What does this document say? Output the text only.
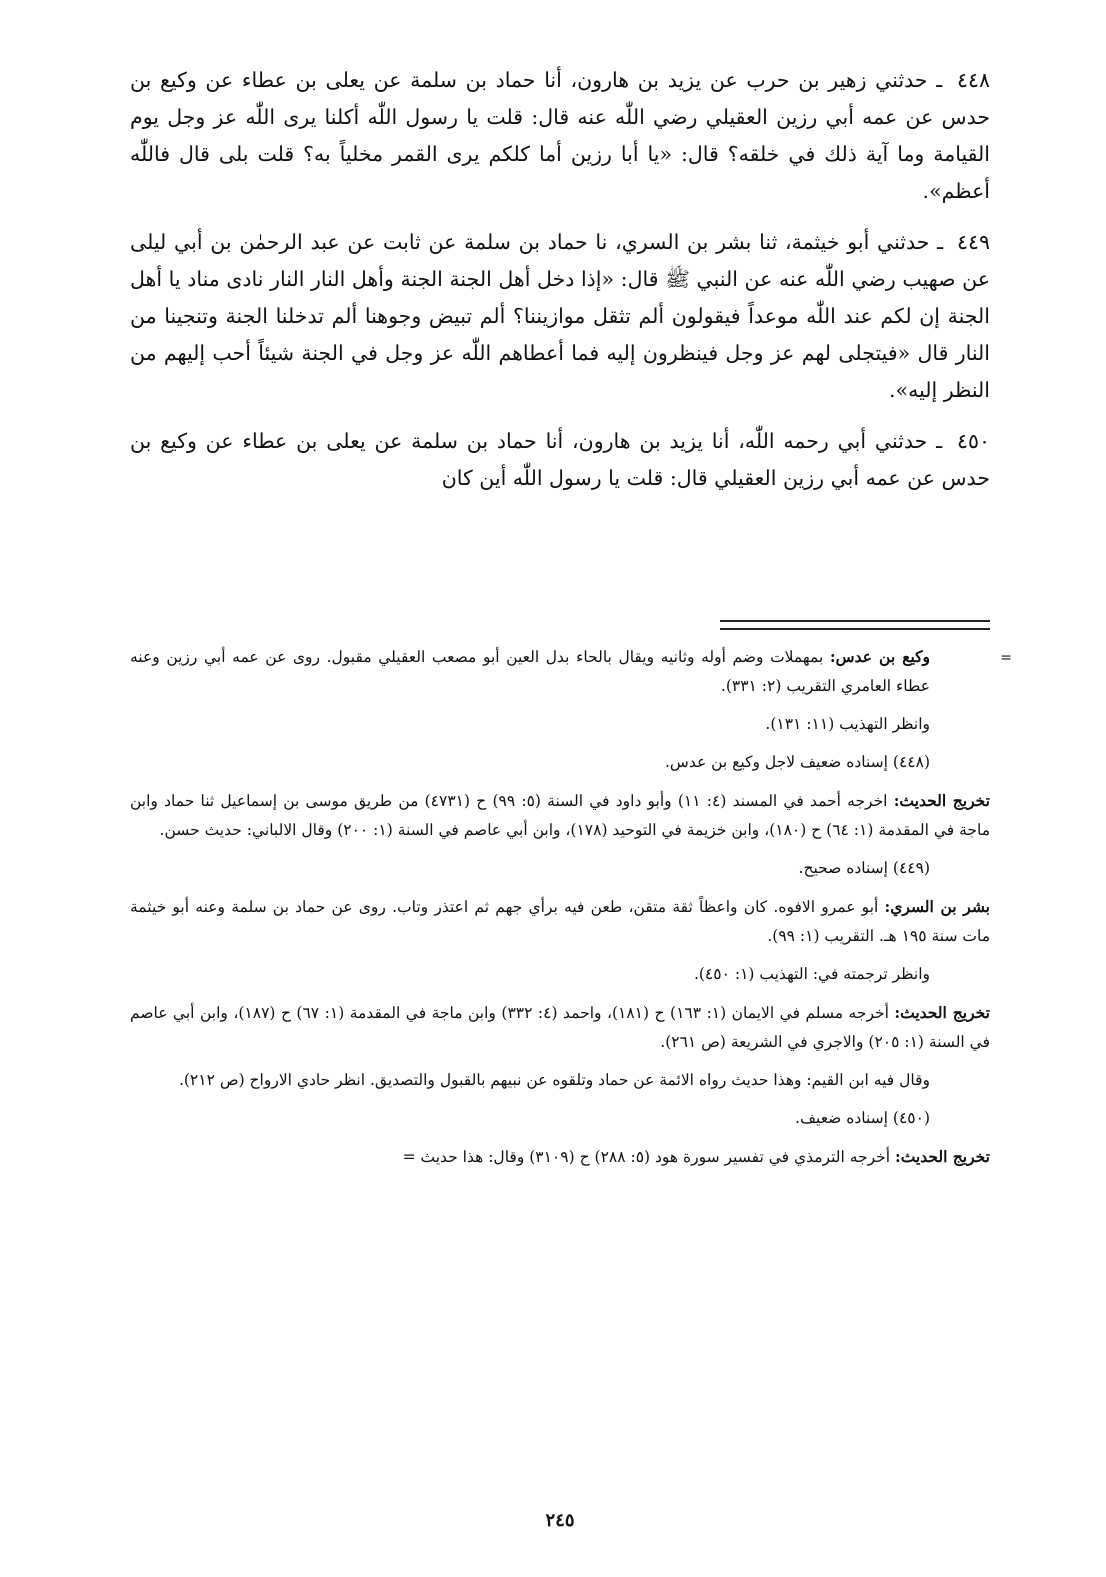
٤٤٨ ـ حدثني زهير بن حرب عن يزيد بن هارون، أنا حماد بن سلمة عن يعلى بن عطاء عن وكيع بن حدس عن عمه أبي رزين العقيلي رضي اللّٰه عنه قال: قلت يا رسول اللّٰه أكلنا يرى اللّٰه عز وجل يوم القيامة وما آية ذلك في خلقه؟ قال: «يا أبا رزين أما كلكم يرى القمر مخلياً به؟ قلت بلى قال فاللّٰه أعظم».

٤٤٩ ـ حدثني أبو خيثمة، ثنا بشر بن السري، نا حماد بن سلمة عن ثابت عن عبد الرحمٰن بن أبي ليلى عن صهيب رضي اللّٰه عنه عن النبي ﷺ قال: «إذا دخل أهل الجنة الجنة وأهل النار النار نادى مناد يا أهل الجنة إن لكم عند اللّٰه موعداً فيقولون ألم تثقل موازيننا؟ ألم تبيض وجوهنا ألم تدخلنا الجنة وتنجينا من النار قال «فيتجلى لهم عز وجل فينظرون إليه فما أعطاهم اللّٰه عز وجل في الجنة شيئاً أحب إليهم من النظر إليه».

٤٥٠ ـ حدثني أبي رحمه اللّٰه، أنا يزيد بن هارون، أنا حماد بن سلمة عن يعلى بن عطاء عن وكيع بن حدس عن عمه أبي رزين العقيلي قال: قلت يا رسول اللّٰه أين كان

=

وكيع بن عدس: بمهملات وضم أوله وثانيه ويقال بالحاء بدل العين أبو مصعب العقيلي مقبول. روى عن عمه أبي رزين وعنه عطاء العامري التقريب (٢: ٣٣١).

وانظر التهذيب (١١: ١٣١).

(٤٤٨) إسناده ضعيف لاجل وكيع بن عدس.

تخريج الحديث: اخرجه أحمد في المسند (٤: ١١) وأبو داود في السنة (٥: ٩٩) ح (٤٧٣١) من طريق موسى بن إسماعيل ثنا حماد وابن ماجة في المقدمة (١: ٦٤) ح (١٨٠)، وابن خزيمة في التوحيد (١٧٨)، وابن أبي عاصم في السنة (١: ٢٠٠) وقال الالباني: حديث حسن.

(٤٤٩) إسناده صحيح.

بشر بن السري: أبو عمرو الافوه. كان واعظاً ثقة متقن، طعن فيه برأي جهم ثم اعتذر وتاب. روى عن حماد بن سلمة وعنه أبو خيثمة مات سنة ١٩٥ هـ. التقريب (١: ٩٩).

وانظر ترجمته في: التهذيب (١: ٤٥٠).

تخريج الحديث: أخرجه مسلم في الايمان (١: ١٦٣) ح (١٨١)، واحمد (٤: ٣٣٢) وابن ماجة في المقدمة (١: ٦٧) ح (١٨٧)، وابن أبي عاصم في السنة (١: ٢٠٥) والاجري في الشريعة (ص ٢٦١).

وقال فيه ابن القيم: وهذا حديث رواه الائمة عن حماد وتلقوه عن نبيهم بالقبول والتصديق. انظر حادي الارواح (ص ٢١٢).

(٤٥٠) إسناده ضعيف.

تخريج الحديث: أخرجه الترمذي في تفسير سورة هود (٥: ٢٨٨) ح (٣١٠٩) وقال: هذا حديث =

٢٤٥
